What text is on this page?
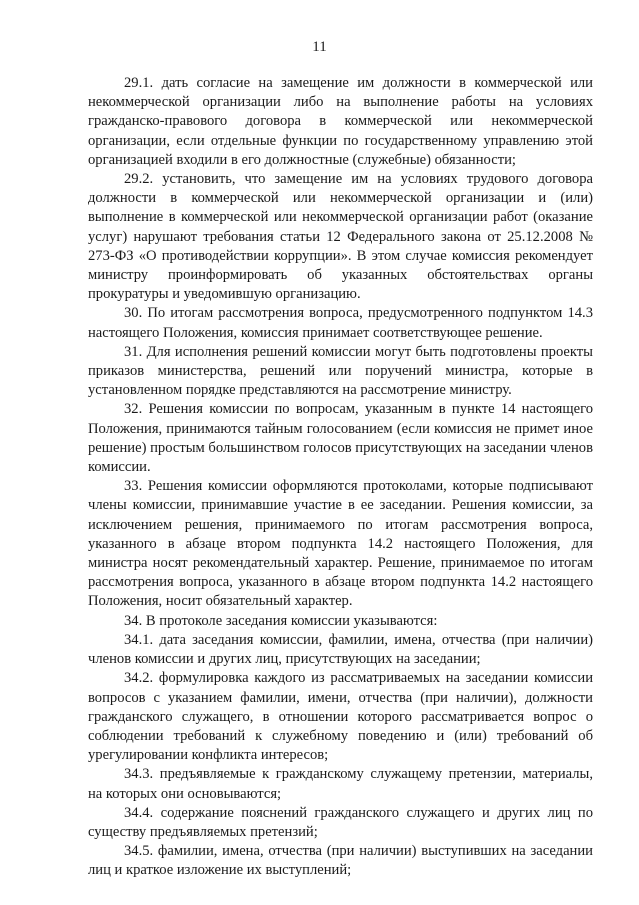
11

29.1. дать согласие на замещение им должности в коммерческой или некоммерческой организации либо на выполнение работы на условиях гражданско-правового договора в коммерческой или некоммерческой организации, если отдельные функции по государственному управлению этой организацией входили в его должностные (служебные) обязанности;

29.2. установить, что замещение им на условиях трудового договора должности в коммерческой или некоммерческой организации и (или) выполнение в коммерческой или некоммерческой организации работ (оказание услуг) нарушают требования статьи 12 Федерального закона от 25.12.2008 № 273-ФЗ «О противодействии коррупции». В этом случае комиссия рекомендует министру проинформировать об указанных обстоятельствах органы прокуратуры и уведомившую организацию.

30. По итогам рассмотрения вопроса, предусмотренного подпунктом 14.3 настоящего Положения, комиссия принимает соответствующее решение.

31. Для исполнения решений комиссии могут быть подготовлены проекты приказов министерства, решений или поручений министра, которые в установленном порядке представляются на рассмотрение министру.

32. Решения комиссии по вопросам, указанным в пункте 14 настоящего Положения, принимаются тайным голосованием (если комиссия не примет иное решение) простым большинством голосов присутствующих на заседании членов комиссии.

33. Решения комиссии оформляются протоколами, которые подписывают члены комиссии, принимавшие участие в ее заседании. Решения комиссии, за исключением решения, принимаемого по итогам рассмотрения вопроса, указанного в абзаце втором подпункта 14.2 настоящего Положения, для министра носят рекомендательный характер. Решение, принимаемое по итогам рассмотрения вопроса, указанного в абзаце втором подпункта 14.2 настоящего Положения, носит обязательный характер.

34. В протоколе заседания комиссии указываются:

34.1. дата заседания комиссии, фамилии, имена, отчества (при наличии) членов комиссии и других лиц, присутствующих на заседании;

34.2. формулировка каждого из рассматриваемых на заседании комиссии вопросов с указанием фамилии, имени, отчества (при наличии), должности гражданского служащего, в отношении которого рассматривается вопрос о соблюдении требований к служебному поведению и (или) требований об урегулировании конфликта интересов;

34.3. предъявляемые к гражданскому служащему претензии, материалы, на которых они основываются;

34.4. содержание пояснений гражданского служащего и других лиц по существу предъявляемых претензий;

34.5. фамилии, имена, отчества (при наличии) выступивших на заседании лиц и краткое изложение их выступлений;
